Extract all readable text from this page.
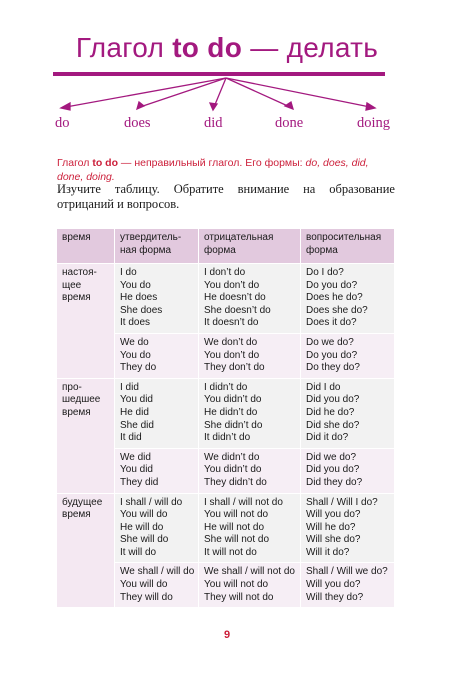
Глагол to do — делать
do	does	did	done	doing
Глагол to do — неправильный глагол. Его формы: do, does, did, done, doing.
Изучите таблицу. Обратите внимание на образование отрицаний и вопросов.
время	утвердитель-ная форма	отрицательная форма	вопросительная форма
настоя-щее время	I do
You do
He does
She does
It does	I don’t do
You don’t do
He doesn’t do
She doesn’t do
It doesn’t do	Do I do?
Do you do?
Does he do?
Does she do?
Does it do?

	We do
You do
They do	We don’t do
You don’t do
They don’t do	Do we do?
Do you do?
Do they do?

про-шедшее время	I did
You did
He did
She did
It did	I didn’t do
You didn’t do
He didn’t do
She didn’t do
It didn’t do	Did I do
Did you do?
Did he do?
Did she do?
Did it do?

	We did
You did
They did	We didn’t do
You didn’t do
They didn’t do	Did we do?
Did you do?
Did they do?

будущее время	I shall / will do
You will do
He will do
She will do
It will do	I shall / will not do
You will not do
He will not do
She will not do
It will not do	Shall / Will I do?
Will you do?
Will he do?
Will she do?
Will it do?

	We shall / will do
You will do
They will do	We shall / will not do
You will not do
They will not do	Shall / Will we do?
Will you do?
Will they do?
9
